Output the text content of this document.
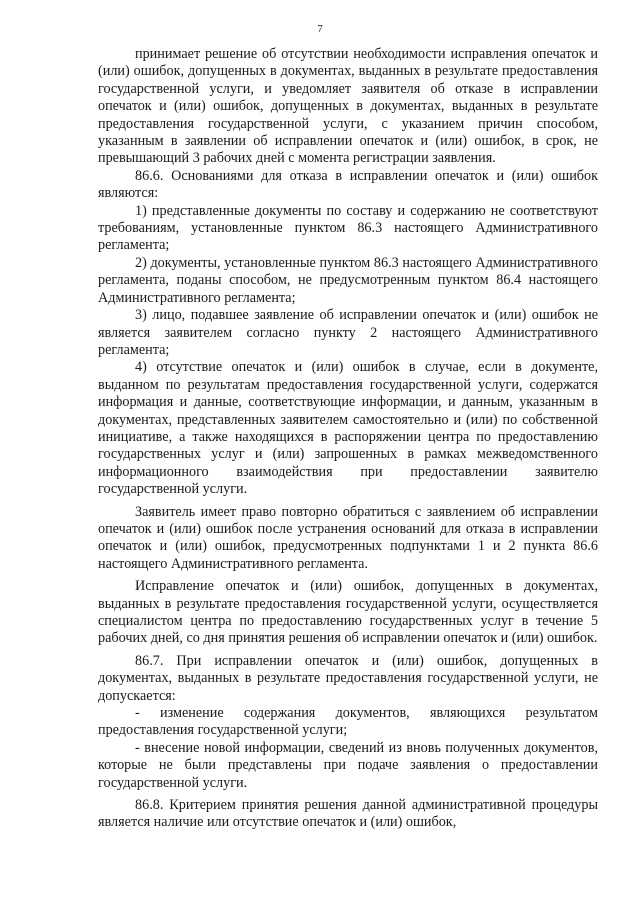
7

принимает решение об отсутствии необходимости исправления опечаток и (или) ошибок, допущенных в документах, выданных в результате предоставления государственной услуги, и уведомляет заявителя об отказе в исправлении опечаток и (или) ошибок, допущенных в документах, выданных в результате предоставления государственной услуги, с указанием причин способом, указанным в заявлении об исправлении опечаток и (или) ошибок, в срок, не превышающий 3 рабочих дней с момента регистрации заявления.

86.6. Основаниями для отказа в исправлении опечаток и (или) ошибок являются:

1) представленные документы по составу и содержанию не соответствуют требованиям, установленные пунктом 86.3 настоящего Административного регламента;

2) документы, установленные пунктом 86.3 настоящего Административного регламента, поданы способом, не предусмотренным пунктом 86.4 настоящего Административного регламента;

3) лицо, подавшее заявление об исправлении опечаток и (или) ошибок не является заявителем согласно пункту 2 настоящего Административного регламента;

4) отсутствие опечаток и (или) ошибок в случае, если в документе, выданном по результатам предоставления государственной услуги, содержатся информация и данные, соответствующие информации, и данным, указанным в документах, представленных заявителем самостоятельно и (или) по собственной инициативе, а также находящихся в распоряжении центра по предоставлению государственных услуг и (или) запрошенных в рамках межведомственного информационного взаимодействия при предоставлении заявителю государственной услуги.

Заявитель имеет право повторно обратиться с заявлением об исправлении опечаток и (или) ошибок после устранения оснований для отказа в исправлении опечаток и (или) ошибок, предусмотренных подпунктами 1 и 2 пункта 86.6 настоящего Административного регламента.

Исправление опечаток и (или) ошибок, допущенных в документах, выданных в результате предоставления государственной услуги, осуществляется специалистом центра по предоставлению государственных услуг в течение 5 рабочих дней, со дня принятия решения об исправлении опечаток и (или) ошибок.

86.7. При исправлении опечаток и (или) ошибок, допущенных в документах, выданных в результате предоставления государственной услуги, не допускается:

- изменение содержания документов, являющихся результатом предоставления государственной услуги;

- внесение новой информации, сведений из вновь полученных документов, которые не были представлены при подаче заявления о предоставлении государственной услуги.

86.8. Критерием принятия решения данной административной процедуры является наличие или отсутствие опечаток и (или) ошибок,
